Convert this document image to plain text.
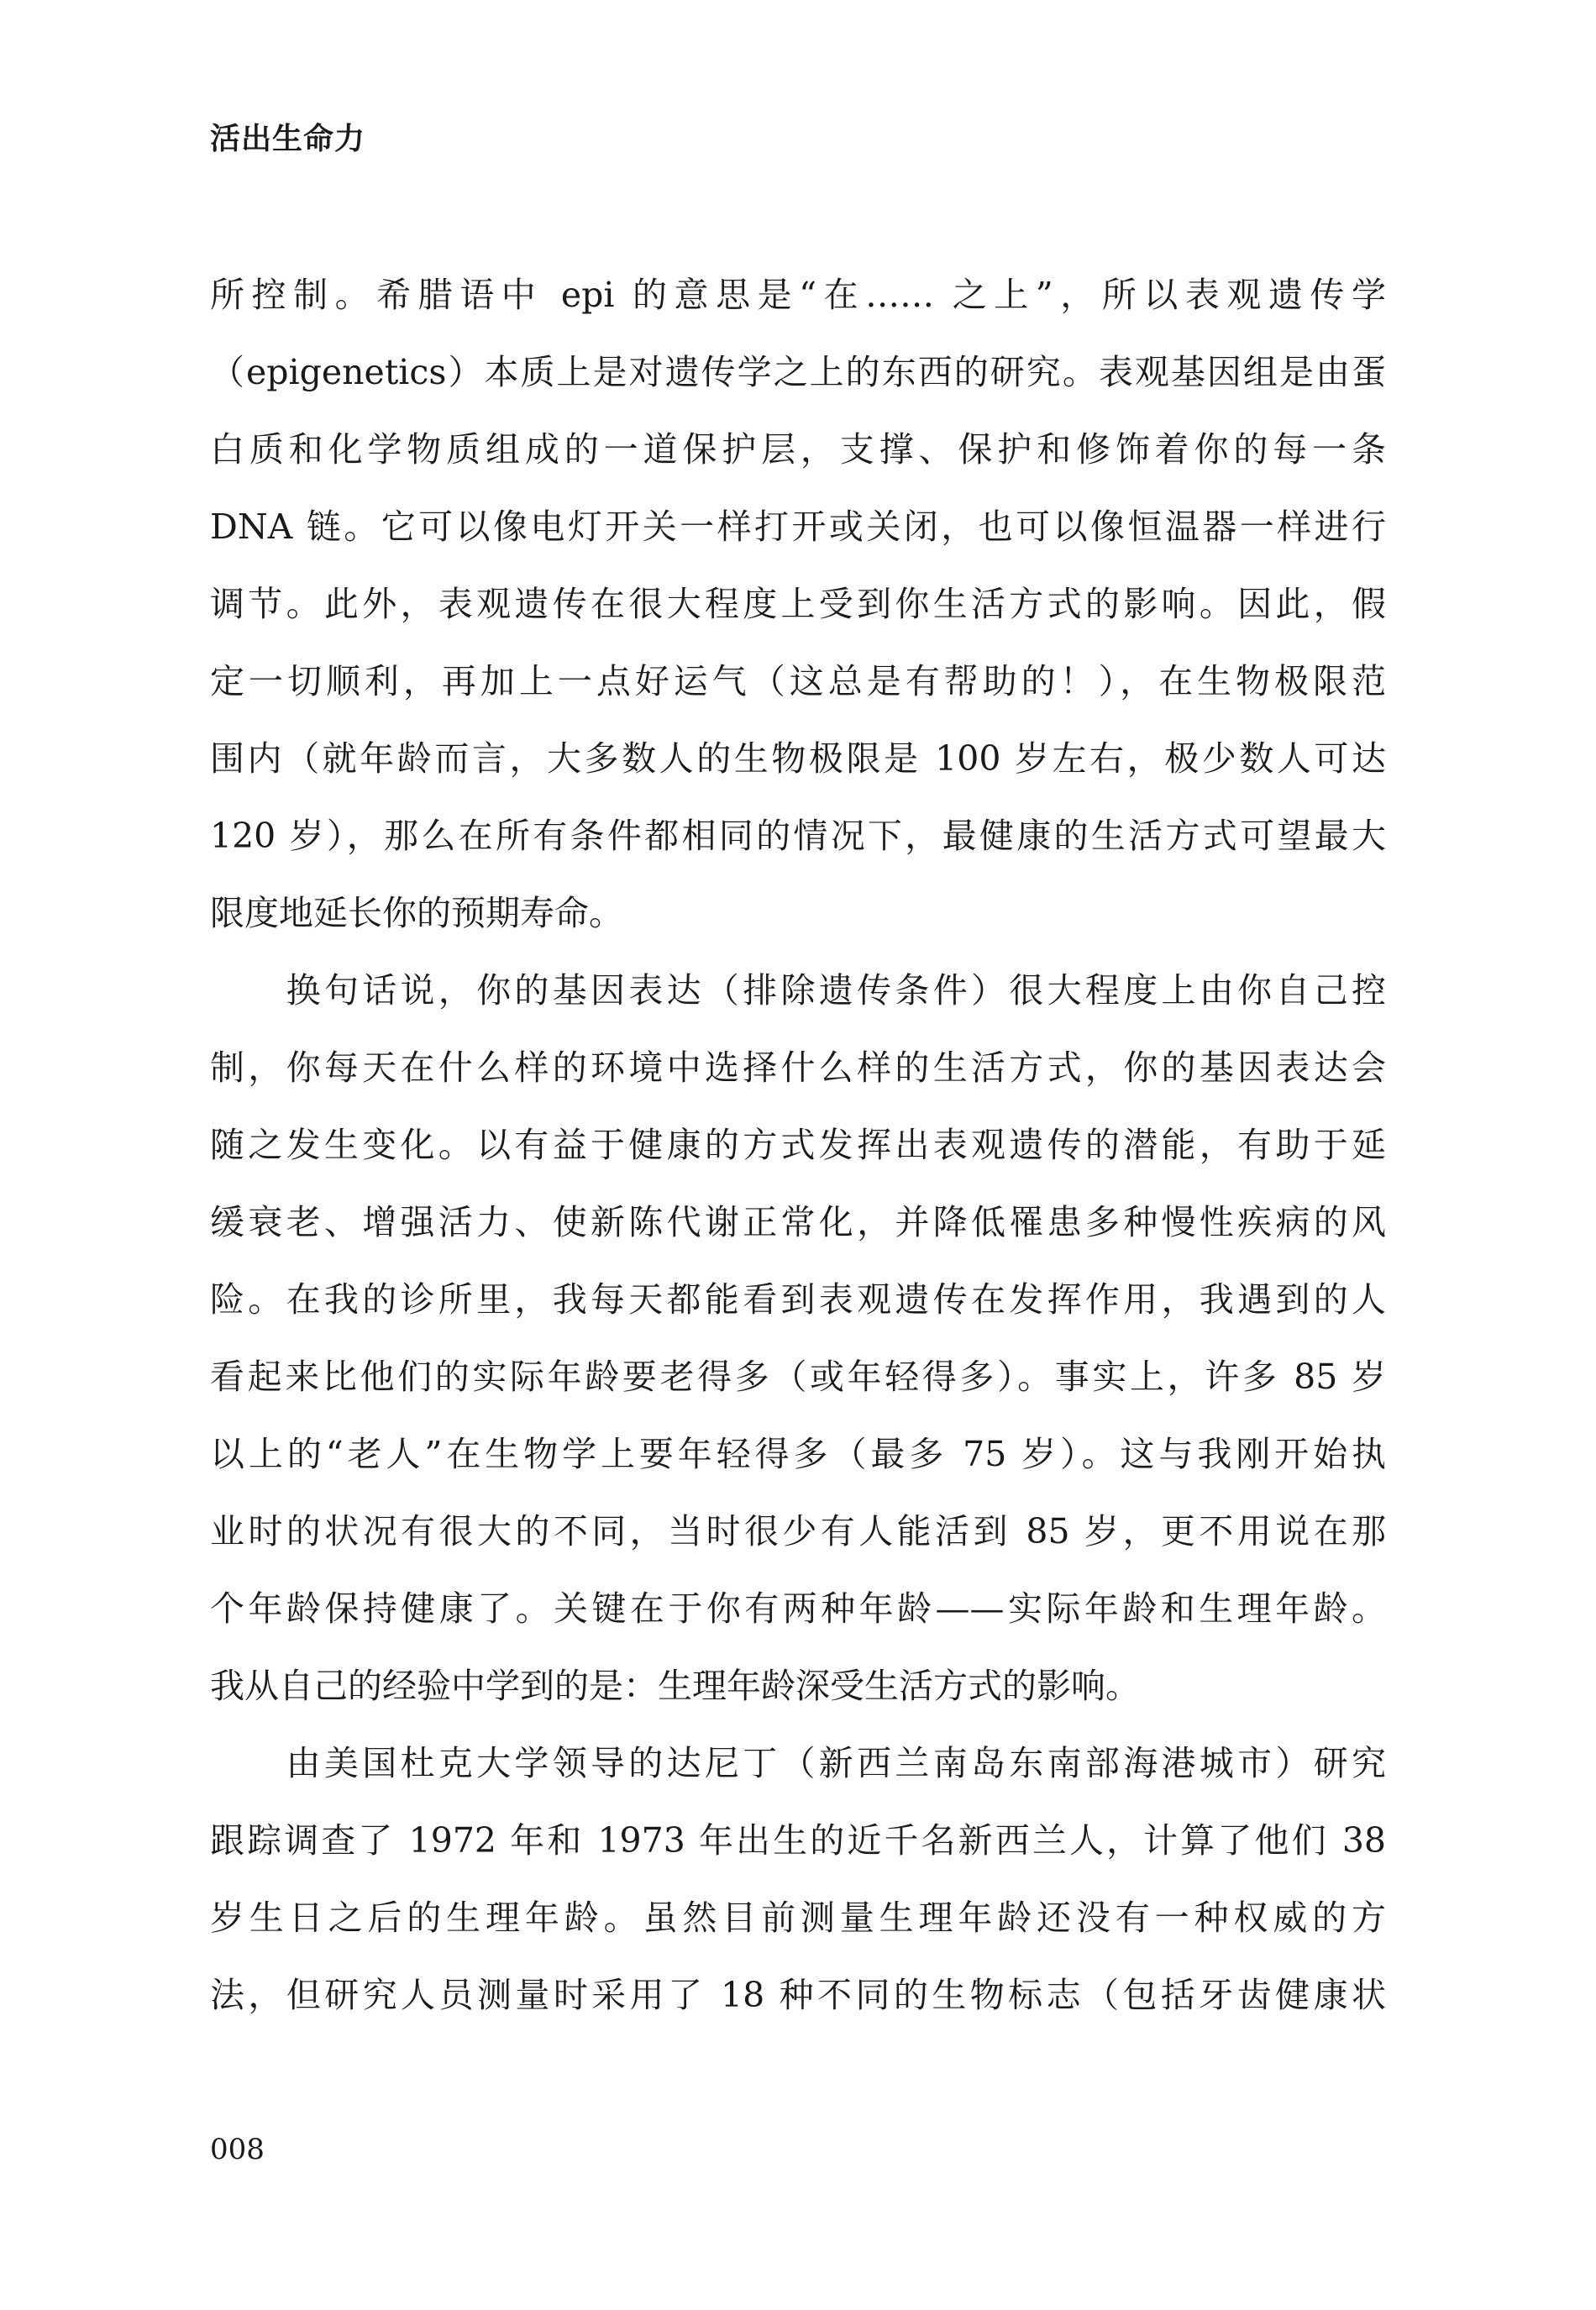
活出生命力
所控制。希腊语中 epi 的意思是“在…… 之上”，所以表观遗传学
（epigenetics）本质上是对遗传学之上的东西的研究。表观基因组是由蛋
白质和化学物质组成的一道保护层，支撑、保护和修饰着你的每一条
DNA 链。它可以像电灯开关一样打开或关闭，也可以像恒温器一样进行
调节。此外，表观遗传在很大程度上受到你生活方式的影响。因此，假
定一切顺利，再加上一点好运气（这总是有帮助的！），在生物极限范
围内（就年龄而言，大多数人的生物极限是 100 岁左右，极少数人可达
120 岁），那么在所有条件都相同的情况下，最健康的生活方式可望最大
限度地延长你的预期寿命。
　　换句话说，你的基因表达（排除遗传条件）很大程度上由你自己控
制，你每天在什么样的环境中选择什么样的生活方式，你的基因表达会
随之发生变化。以有益于健康的方式发挥出表观遗传的潜能，有助于延
缓衰老、增强活力、使新陈代谢正常化，并降低罹患多种慢性疾病的风
险。在我的诊所里，我每天都能看到表观遗传在发挥作用，我遇到的人
看起来比他们的实际年龄要老得多（或年轻得多）。事实上，许多 85 岁
以上的“老人”在生物学上要年轻得多（最多 75 岁）。这与我刚开始执
业时的状况有很大的不同，当时很少有人能活到 85 岁，更不用说在那
个年龄保持健康了。关键在于你有两种年龄——实际年龄和生理年龄。
我从自己的经验中学到的是：生理年龄深受生活方式的影响。
　　由美国杜克大学领导的达尼丁（新西兰南岛东南部海港城市）研究
跟踪调查了 1972 年和 1973 年出生的近千名新西兰人，计算了他们 38
岁生日之后的生理年龄。虽然目前测量生理年龄还没有一种权威的方
法，但研究人员测量时采用了 18 种不同的生物标志（包括牙齿健康状
008
